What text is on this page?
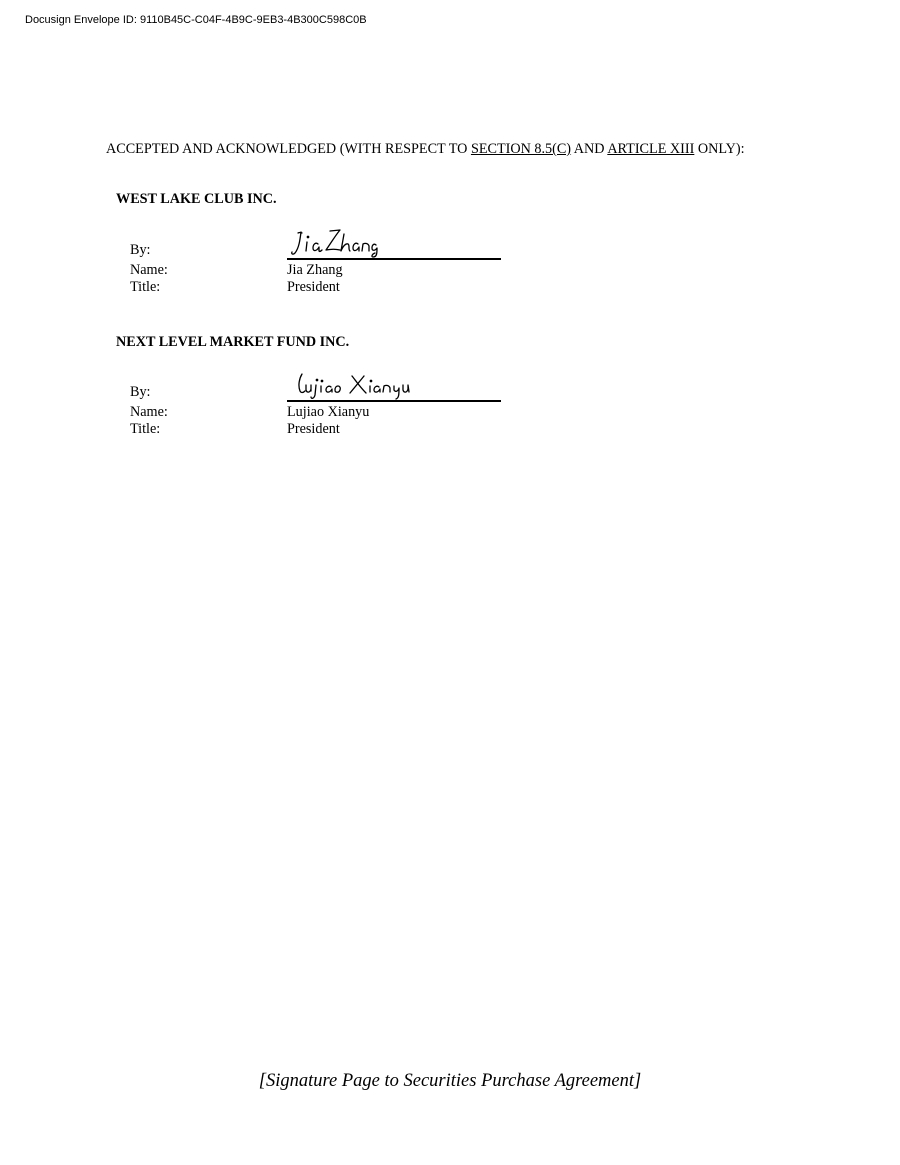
Docusign Envelope ID: 9110B45C-C04F-4B9C-9EB3-4B300C598C0B
ACCEPTED AND ACKNOWLEDGED (WITH RESPECT TO SECTION 8.5(C) AND ARTICLE XIII ONLY):
WEST LAKE CLUB INC.
By:
Name:	Jia Zhang
Title:	President
NEXT LEVEL MARKET FUND INC.
By:
Name:	Lujiao Xianyu
Title:	President
[Signature Page to Securities Purchase Agreement]
